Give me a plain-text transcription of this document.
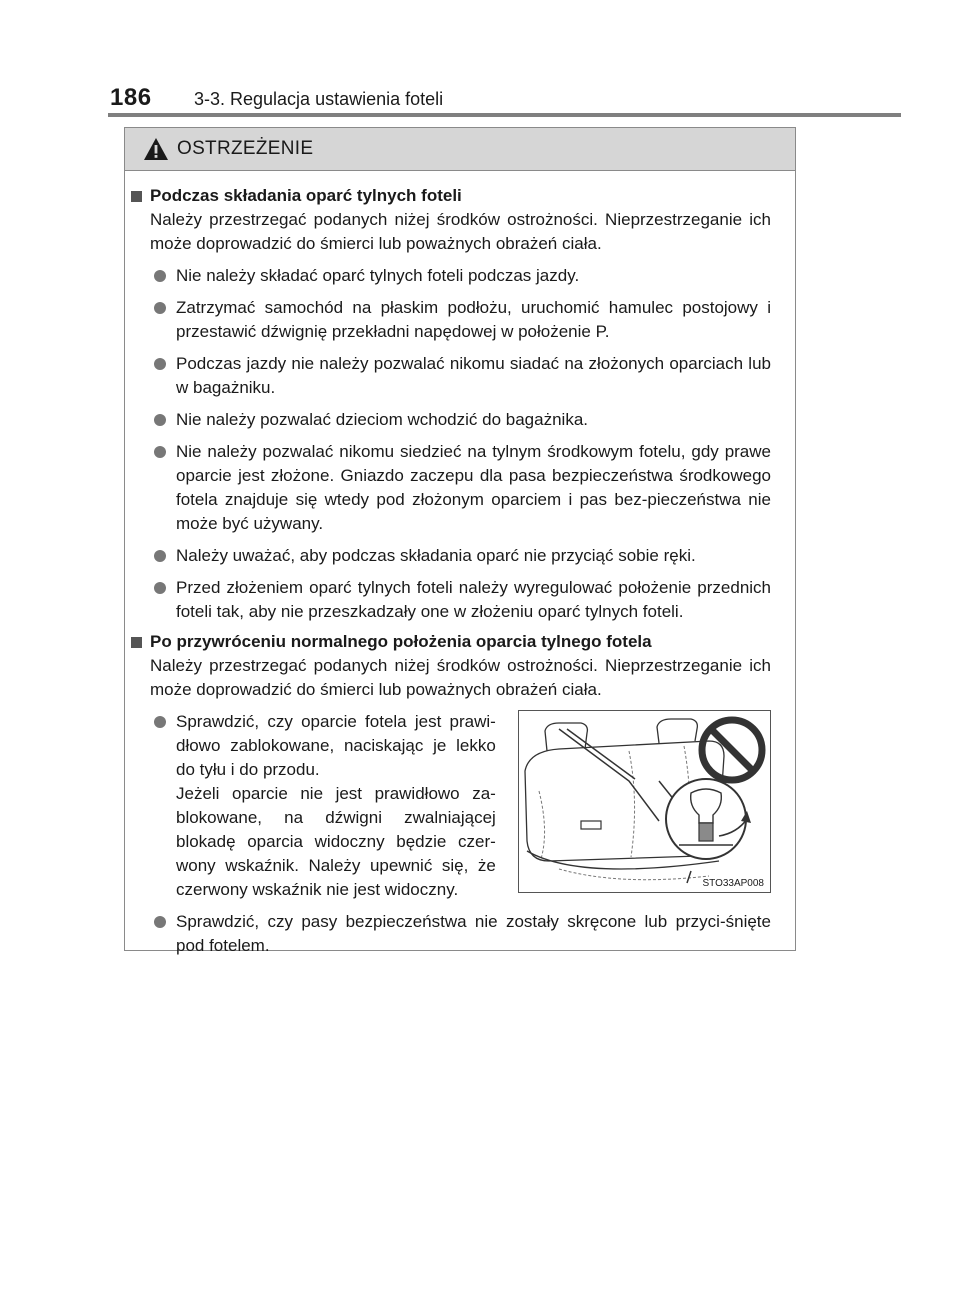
186	3-3. Regulacja ustawienia foteli
OSTRZEŻENIE
Podczas składania oparć tylnych foteli
Należy przestrzegać podanych niżej środków ostrożności. Nieprzestrzeganie ich może doprowadzić do śmierci lub poważnych obrażeń ciała.
Nie należy składać oparć tylnych foteli podczas jazdy.
Zatrzymać samochód na płaskim podłożu, uruchomić hamulec postojowy i przestawić dźwignię przekładni napędowej w położenie P.
Podczas jazdy nie należy pozwalać nikomu siadać na złożonych oparciach lub w bagażniku.
Nie należy pozwalać dzieciom wchodzić do bagażnika.
Nie należy pozwalać nikomu siedzieć na tylnym środkowym fotelu, gdy prawe oparcie jest złożone. Gniazdo zaczepu dla pasa bezpieczeństwa środkowego fotela znajduje się wtedy pod złożonym oparciem i pas bez-pieczeństwa nie może być używany.
Należy uważać, aby podczas składania oparć nie przyciąć sobie ręki.
Przed złożeniem oparć tylnych foteli należy wyregulować położenie przednich foteli tak, aby nie przeszkadzały one w złożeniu oparć tylnych foteli.
Po przywróceniu normalnego położenia oparcia tylnego fotela
Należy przestrzegać podanych niżej środków ostrożności. Nieprzestrzeganie ich może doprowadzić do śmierci lub poważnych obrażeń ciała.

Sprawdzić, czy oparcie fotela jest prawi-dłowo zablokowane, naciskając je lekko do tyłu i do przodu.

Jeżeli oparcie nie jest prawidłowo za-blokowane, na dźwigni zwalniającej blokadę oparcia widoczny będzie czer-wony wskaźnik. Należy upewnić się, że czerwony wskaźnik nie jest widoczny.	STO33AP008
Sprawdzić, czy pasy bezpieczeństwa nie zostały skręcone lub przyci-śnięte pod fotelem.
